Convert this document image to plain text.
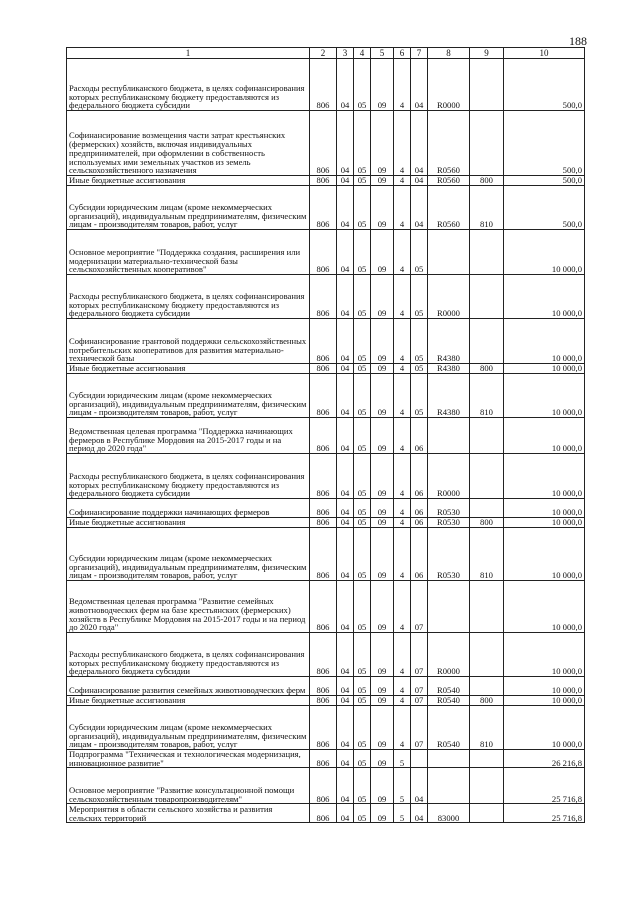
188
1	2	3	4	5	6	7	8	9	10
Расходы республиканского бюджета, в целях софинансирования которых республиканскому бюджету предоставляются из федерального бюджета субсидии	806	04	05	09	4	04	R0000		500,0
Софинансирование возмещения части затрат крестьянских (фермерских) хозяйств, включая индивидуальных предпринимателей, при оформлении в собственность используемых ими земельных участков из земель сельскохозяйственного назначения	806	04	05	09	4	04	R0560		500,0
Иные бюджетные ассигнования	806	04	05	09	4	04	R0560	800	500,0
Субсидии юридическим лицам (кроме некоммерческих организаций), индивидуальным предпринимателям, физическим лицам - производителям товаров, работ, услуг	806	04	05	09	4	04	R0560	810	500,0
Основное мероприятие "Поддержка создания, расширения или модернизации материально-технической базы сельскохозяйственных кооперативов"	806	04	05	09	4	05			10 000,0
Расходы республиканского бюджета, в целях софинансирования которых республиканскому бюджету предоставляются из федерального бюджета субсидии	806	04	05	09	4	05	R0000		10 000,0
Софинансирование грантовой поддержки сельскохозяйственных потребительских кооперативов для развития материально-технической базы	806	04	05	09	4	05	R4380		10 000,0
Иные бюджетные ассигнования	806	04	05	09	4	05	R4380	800	10 000,0
Субсидии юридическим лицам (кроме некоммерческих организаций), индивидуальным предпринимателям, физическим лицам - производителям товаров, работ, услуг	806	04	05	09	4	05	R4380	810	10 000,0
Ведомственная целевая программа "Поддержка начинающих фермеров в Республике Мордовия на 2015-2017 годы и на период до 2020 года"	806	04	05	09	4	06			10 000,0
Расходы республиканского бюджета, в целях софинансирования которых республиканскому бюджету предоставляются из федерального бюджета субсидии	806	04	05	09	4	06	R0000		10 000,0
Софинансирование поддержки начинающих фермеров	806	04	05	09	4	06	R0530		10 000,0
Иные бюджетные ассигнования	806	04	05	09	4	06	R0530	800	10 000,0
Субсидии юридическим лицам (кроме некоммерческих организаций), индивидуальным предпринимателям, физическим лицам - производителям товаров, работ, услуг	806	04	05	09	4	06	R0530	810	10 000,0
Ведомственная целевая программа "Развитие семейных животноводческих ферм на базе крестьянских (фермерских) хозяйств в Республике Мордовия на 2015-2017 годы и на период до 2020 года"	806	04	05	09	4	07			10 000,0
Расходы республиканского бюджета, в целях софинансирования которых республиканскому бюджету предоставляются из федерального бюджета субсидии	806	04	05	09	4	07	R0000		10 000,0
Софинансирование развития семейных животноводческих ферм	806	04	05	09	4	07	R0540		10 000,0
Иные бюджетные ассигнования	806	04	05	09	4	07	R0540	800	10 000,0
Субсидии юридическим лицам (кроме некоммерческих организаций), индивидуальным предпринимателям, физическим лицам - производителям товаров, работ, услуг	806	04	05	09	4	07	R0540	810	10 000,0
Подпрограмма "Техническая и технологическая модернизация, инновационное развитие"	806	04	05	09	5				26 216,8
Основное мероприятие "Развитие консультационной помощи сельскохозяйственным товаропроизводителям"	806	04	05	09	5	04			25 716,8
Мероприятия в области сельского хозяйства и развития сельских территорий	806	04	05	09	5	04	83000		25 716,8
